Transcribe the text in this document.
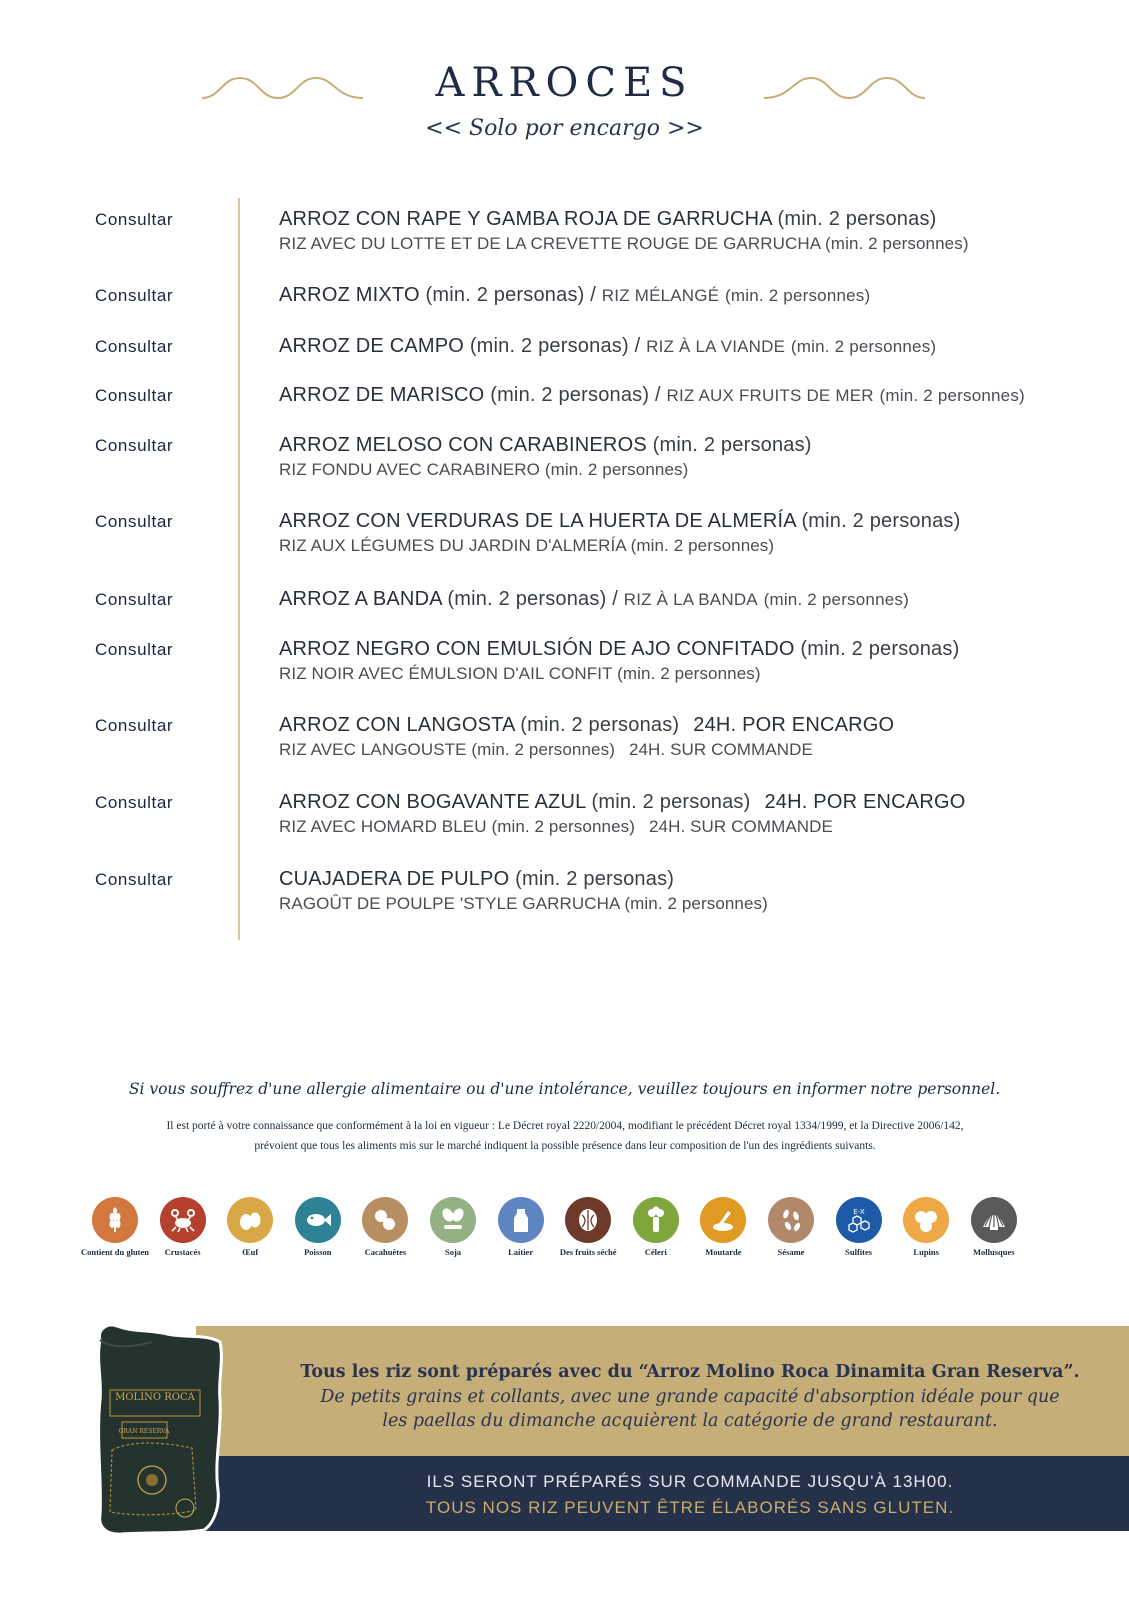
ARROCES
<< Solo por encargo >>
Consultar	ARROZ CON RAPE Y GAMBA ROJA DE GARRUCHA (min. 2 personas)
RIZ AVEC DU LOTTE ET DE LA CREVETTE ROUGE DE GARRUCHA (min. 2 personnes)
Consultar	ARROZ MIXTO (min. 2 personas) / RIZ MÉLANGÉ (min. 2 personnes)
Consultar	ARROZ DE CAMPO (min. 2 personas) / RIZ À LA VIANDE (min. 2 personnes)
Consultar	ARROZ DE MARISCO (min. 2 personas) / RIZ AUX FRUITS DE MER (min. 2 personnes)
Consultar	ARROZ MELOSO CON CARABINEROS (min. 2 personas)
RIZ FONDU AVEC CARABINERO (min. 2 personnes)
Consultar	ARROZ CON VERDURAS DE LA HUERTA DE ALMERÍA (min. 2 personas)
RIZ AUX LÉGUMES DU JARDIN D'ALMERÍA (min. 2 personnes)
Consultar	ARROZ A BANDA (min. 2 personas) / RIZ À LA BANDA (min. 2 personnes)
Consultar	ARROZ NEGRO CON EMULSIÓN DE AJO CONFITADO (min. 2 personas)
RIZ NOIR AVEC ÉMULSION D'AIL CONFIT (min. 2 personnes)
Consultar	ARROZ CON LANGOSTA (min. 2 personas) 24H. POR ENCARGO
RIZ AVEC LANGOUSTE (min. 2 personnes) 24H. SUR COMMANDE
Consultar	ARROZ CON BOGAVANTE AZUL (min. 2 personas) 24H. POR ENCARGO
RIZ AVEC HOMARD BLEU (min. 2 personnes) 24H. SUR COMMANDE
Consultar	CUAJADERA DE PULPO (min. 2 personas)
RAGOÛT DE POULPE 'STYLE GARRUCHA (min. 2 personnes)
Si vous souffrez d'une allergie alimentaire ou d'une intolérance, veuillez toujours en informer notre personnel.
Il est porté à votre connaissance que conformément à la loi en vigueur : Le Décret royal 2220/2004, modifiant le précédent Décret royal 1334/1999, et la Directive 2006/142,
prévoient que tous les aliments mis sur le marché indiquent la possible présence dans leur composition de l'un des ingrédients suivants.
Contient du gluten	Crustacés	Œuf	Poisson	Cacahuètes	Soja	Laitier	Des fruits séché	Céleri	Moutarde	Sésame
E-X
Sulfites	Lupins	Mollusques
Tous les riz sont préparés avec du “Arroz Molino Roca Dinamita Gran Reserva”.
De petits grains et collants, avec une grande capacité d'absorption idéale pour que
les paellas du dimanche acquièrent la catégorie de grand restaurant.
ILS SERONT PRÉPARÉS SUR COMMANDE JUSQU'À 13H00.
TOUS NOS RIZ PEUVENT ÊTRE ÉLABORÉS SANS GLUTEN.
MOLINO ROCA
GRAN RESERVA
